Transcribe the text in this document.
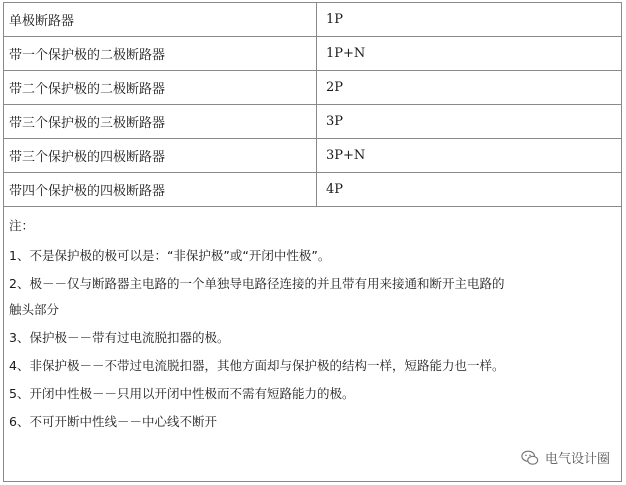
单极断路器	1P
带一个保护极的二极断路器	1P+N
带二个保护极的二极断路器	2P
带三个保护极的三极断路器	3P
带三个保护极的四极断路器	3P+N
带四个保护极的四极断路器	4P
注：
1、不是保护极的极可以是：“非保护极”或“开闭中性极”。
2、极－－仅与断路器主电路的一个单独导电路径连接的并且带有用来接通和断开主电路的
触头部分
3、保护极－－带有过电流脱扣器的极。
4、非保护极－－不带过电流脱扣器，其他方面却与保护极的结构一样，短路能力也一样。
5、开闭中性极－－只用以开闭中性极而不需有短路能力的极。
6、不可开断中性线－－中心线不断开
电气设计圈
